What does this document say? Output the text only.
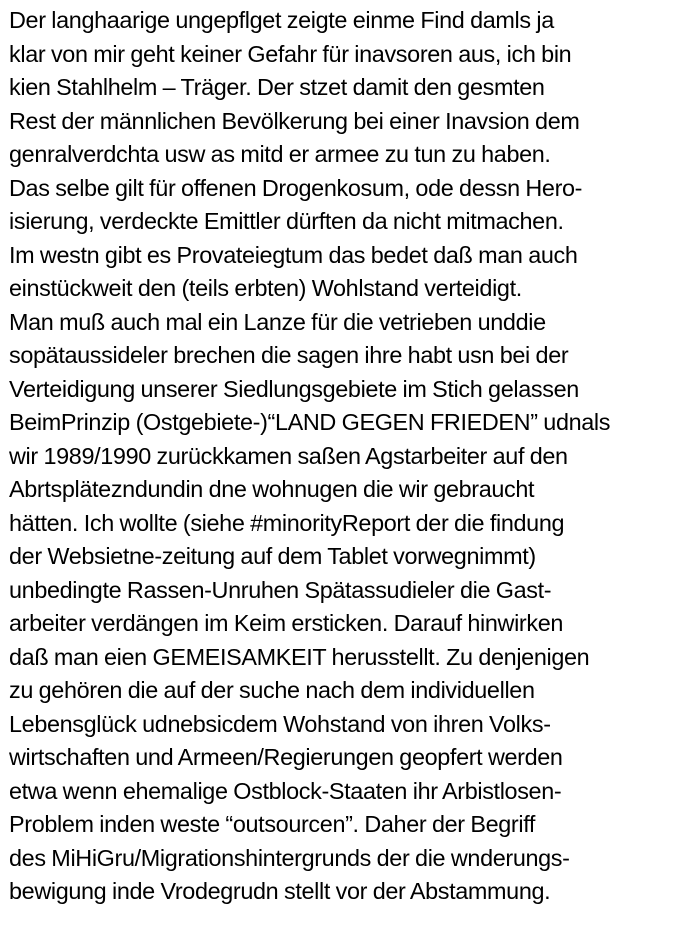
Der langhaarige ungepflget zeigte einme Find damls ja
klar von mir geht keiner Gefahr für inavsoren aus, ich bin
kien Stahlhelm – Träger. Der stzet damit den gesmten
Rest der männlichen Bevölkerung bei einer Inavsion dem
genralverdchta usw as mitd er armee zu tun zu haben.
Das selbe gilt für offenen Drogenkosum, ode dessn Hero-
isierung, verdeckte Emittler dürften da nicht mitmachen.
Im westn gibt es Provateiegtum das bedet daß man auch
einstückweit den (teils erbten) Wohlstand verteidigt.
Man muß auch mal ein Lanze für die vetrieben unddie
sopätaussideler brechen die sagen ihre habt usn bei der
Verteidigung unserer Siedlungsgebiete im Stich gelassen
BeimPrinzip (Ostgebiete-)“LAND GEGEN FRIEDEN” udnals
wir 1989/1990 zurückkamen saßen Agstarbeiter auf den
Abrtsplätezndundin dne wohnugen die wir gebraucht
hätten. Ich wollte (siehe #minorityReport der die findung
der Websietne-zeitung auf dem Tablet vorwegnimmt)
unbedingte Rassen-Unruhen Spätassudieler die Gast-
arbeiter verdängen im Keim ersticken. Darauf hinwirken
daß man eien GEMEISAMKEIT herusstellt. Zu denjenigen
zu gehören die auf der suche nach dem individuellen
Lebensglück udnebsicdem Wohstand von ihren Volks-
wirtschaften und Armeen/Regierungen geopfert werden
etwa wenn ehemalige Ostblock-Staaten ihr Arbistlosen-
Problem inden weste “outsourcen”. Daher der Begriff
des MiHiGru/Migrationshintergrunds der die wnderungs-
bewigung inde Vrodegrudn stellt vor der Abstammung.
